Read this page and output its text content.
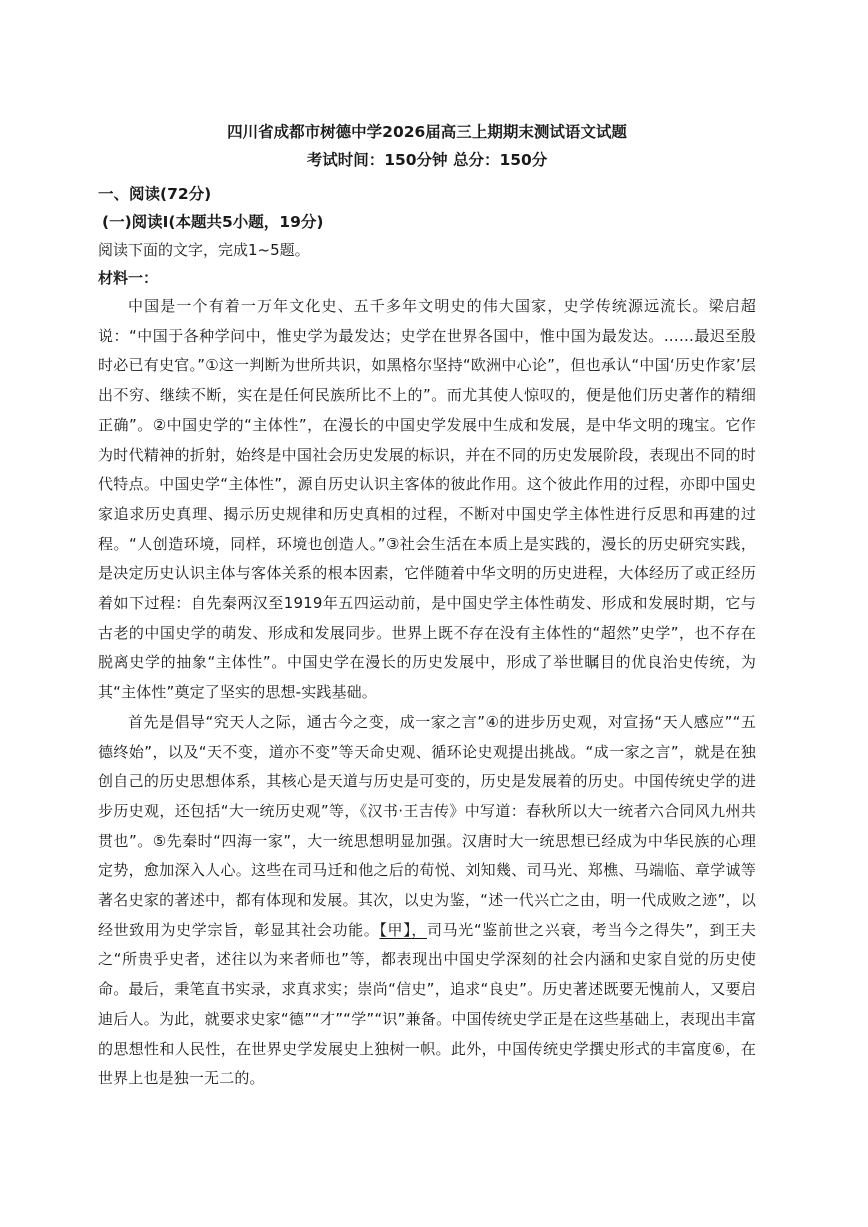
四川省成都市树德中学2026届高三上期期末测试语文试题
考试时间：150分钟 总分：150分
一、阅读(72分)
(一)阅读Ⅰ(本题共5小题，19分)
阅读下面的文字，完成1~5题。
材料一：

中国是一个有着一万年文化史、五千多年文明史的伟大国家，史学传统源远流长。梁启超说：“中国于各种学问中，惟史学为最发达；史学在世界各国中，惟中国为最发达。……最迟至殷时必已有史官。”①这一判断为世所共识，如黑格尔坚持“欧洲中心论”，但也承认“中国‘历史作家’层出不穷、继续不断，实在是任何民族所比不上的”。而尤其使人惊叹的，便是他们历史著作的精细正确”。②中国史学的“主体性”，在漫长的中国史学发展中生成和发展，是中华文明的瑰宝。它作为时代精神的折射，始终是中国社会历史发展的标识，并在不同的历史发展阶段，表现出不同的时代特点。中国史学“主体性”，源自历史认识主客体的彼此作用。这个彼此作用的过程，亦即中国史家追求历史真理、揭示历史规律和历史真相的过程，不断对中国史学主体性进行反思和再建的过程。“人创造环境，同样，环境也创造人。”③社会生活在本质上是实践的，漫长的历史研究实践，是决定历史认识主体与客体关系的根本因素，它伴随着中华文明的历史进程，大体经历了或正经历着如下过程：自先秦两汉至1919年五四运动前，是中国史学主体性萌发、形成和发展时期，它与古老的中国史学的萌发、形成和发展同步。世界上既不存在没有主体性的“超然”史学”，也不存在脱离史学的抽象“主体性”。中国史学在漫长的历史发展中，形成了举世瞩目的优良治史传统，为其“主体性”奠定了坚实的思想-实践基础。

首先是倡导“究天人之际，通古今之变，成一家之言”④的进步历史观，对宣扬“天人感应”“五德终始”，以及“天不变，道亦不变”等天命史观、循环论史观提出挑战。“成一家之言”，就是在独创自己的历史思想体系，其核心是天道与历史是可变的，历史是发展着的历史。中国传统史学的进步历史观，还包括“大一统历史观”等，《汉书·王吉传》中写道：春秋所以大一统者六合同风九州共贯也”。⑤先秦时“四海一家”，大一统思想明显加强。汉唐时大一统思想已经成为中华民族的心理定势，愈加深入人心。这些在司马迁和他之后的荀悦、刘知幾、司马光、郑樵、马端临、章学诚等著名史家的著述中，都有体现和发展。其次，以史为鉴，“述一代兴亡之由，明一代成败之迹”，以经世致用为史学宗旨，彰显其社会功能。【甲】，司马光“鉴前世之兴衰，考当今之得失”，到王夫之“所贵乎史者，述往以为来者师也”等，都表现出中国史学深刻的社会内涵和史家自觉的历史使命。最后，秉笔直书实录，求真求实；崇尚“信史”，追求“良史”。历史著述既要无愧前人，又要启迪后人。为此，就要求史家“德”“才”“学”“识”兼备。中国传统史学正是在这些基础上，表现出丰富的思想性和人民性，在世界史学发展史上独树一帜。此外，中国传统史学撰史形式的丰富度⑥，在世界上也是独一无二的。
